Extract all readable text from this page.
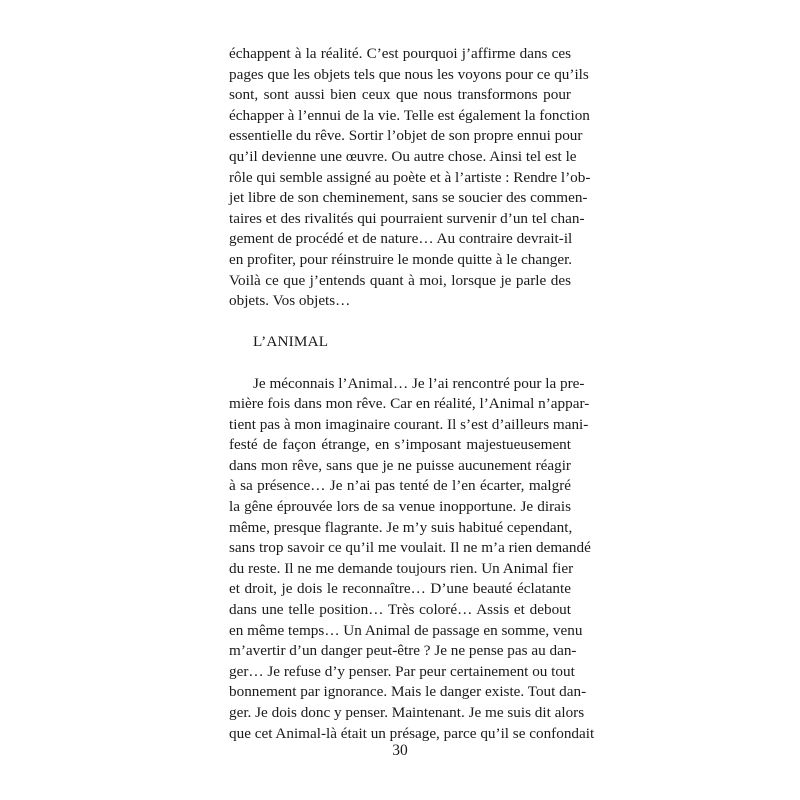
échappent à la réalité. C’est pourquoi j’affirme dans ces
pages que les objets tels que nous les voyons pour ce qu’ils
sont, sont aussi bien ceux que nous transformons pour
échapper à l’ennui de la vie. Telle est également la fonction
essentielle du rêve. Sortir l’objet de son propre ennui pour
qu’il devienne une œuvre. Ou autre chose. Ainsi tel est le
rôle qui semble assigné au poète et à l’artiste : Rendre l’ob-
jet libre de son cheminement, sans se soucier des commen-
taires et des rivalités qui pourraient survenir d’un tel chan-
gement de procédé et de nature… Au contraire devrait-il
en profiter, pour réinstruire le monde quitte à le changer.
Voilà ce que j’entends quant à moi, lorsque je parle des
objets. Vos objets…
L’ANIMAL
Je méconnais l’Animal… Je l’ai rencontré pour la pre-
mière fois dans mon rêve. Car en réalité, l’Animal n’appar-
tient pas à mon imaginaire courant. Il s’est d’ailleurs mani-
festé de façon étrange, en s’imposant majestueusement
dans mon rêve, sans que je ne puisse aucunement réagir
à sa présence… Je n’ai pas tenté de l’en écarter, malgré
la gêne éprouvée lors de sa venue inopportune. Je dirais
même, presque flagrante. Je m’y suis habitué cependant,
sans trop savoir ce qu’il me voulait. Il ne m’a rien demandé
du reste. Il ne me demande toujours rien. Un Animal fier
et droit, je dois le reconnaître… D’une beauté éclatante
dans une telle position… Très coloré… Assis et debout
en même temps… Un Animal de passage en somme, venu
m’avertir d’un danger peut-être ? Je ne pense pas au dan-
ger… Je refuse d’y penser. Par peur certainement ou tout
bonnement par ignorance. Mais le danger existe. Tout dan-
ger. Je dois donc y penser. Maintenant. Je me suis dit alors
que cet Animal-là était un présage, parce qu’il se confondait
30
